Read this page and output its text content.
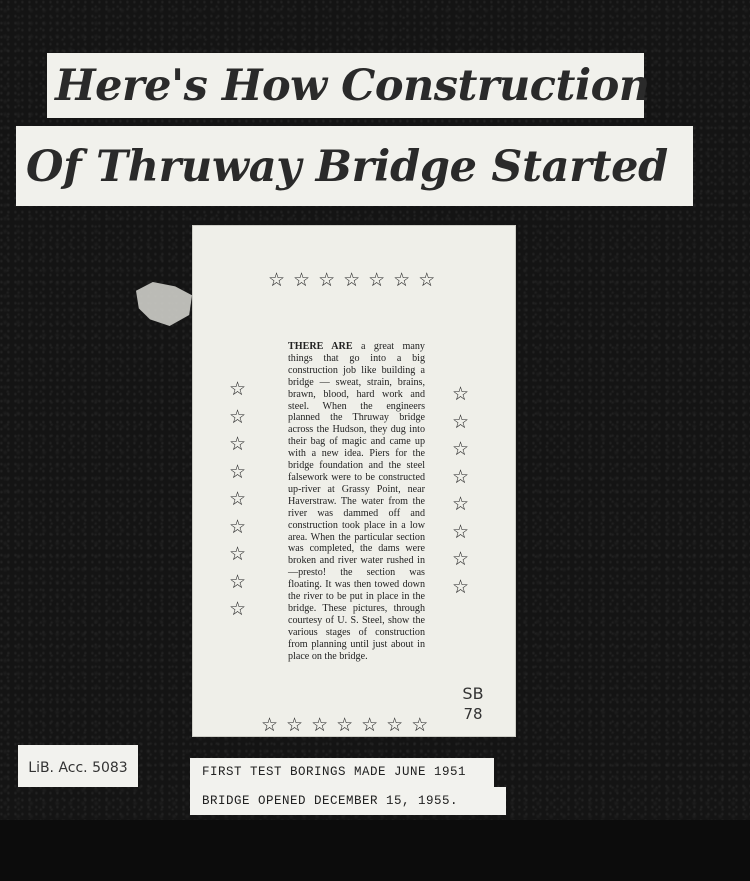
Here's How Construction
Of Thruway Bridge Started
☆☆☆☆☆☆☆
☆
☆
☆
☆
☆
☆
☆
☆
☆
☆
☆
☆
☆
☆
☆
☆
☆
THERE ARE a great many things that go into a big construction job like building a bridge — sweat, strain, brains, brawn, blood, hard work and steel. When the engineers planned the Thruway bridge across the Hudson, they dug into their bag of magic and came up with a new idea. Piers for the bridge foundation and the steel falsework were to be constructed up-river at Grassy Point, near Haverstraw. The water from the river was dammed off and construction took place in a low area. When the particular section was completed, the dams were broken and river water rushed in—presto! the section was floating. It was then towed down the river to be put in place in the bridge. These pictures, through courtesy of U. S. Steel, show the various stages of construction from planning until just about in place on the bridge.
SB
78
☆☆☆☆☆☆☆
LiB. Acc. 5083	FIRST TEST BORINGS MADE JUNE 1951
BRIDGE OPENED DECEMBER 15, 1955.
